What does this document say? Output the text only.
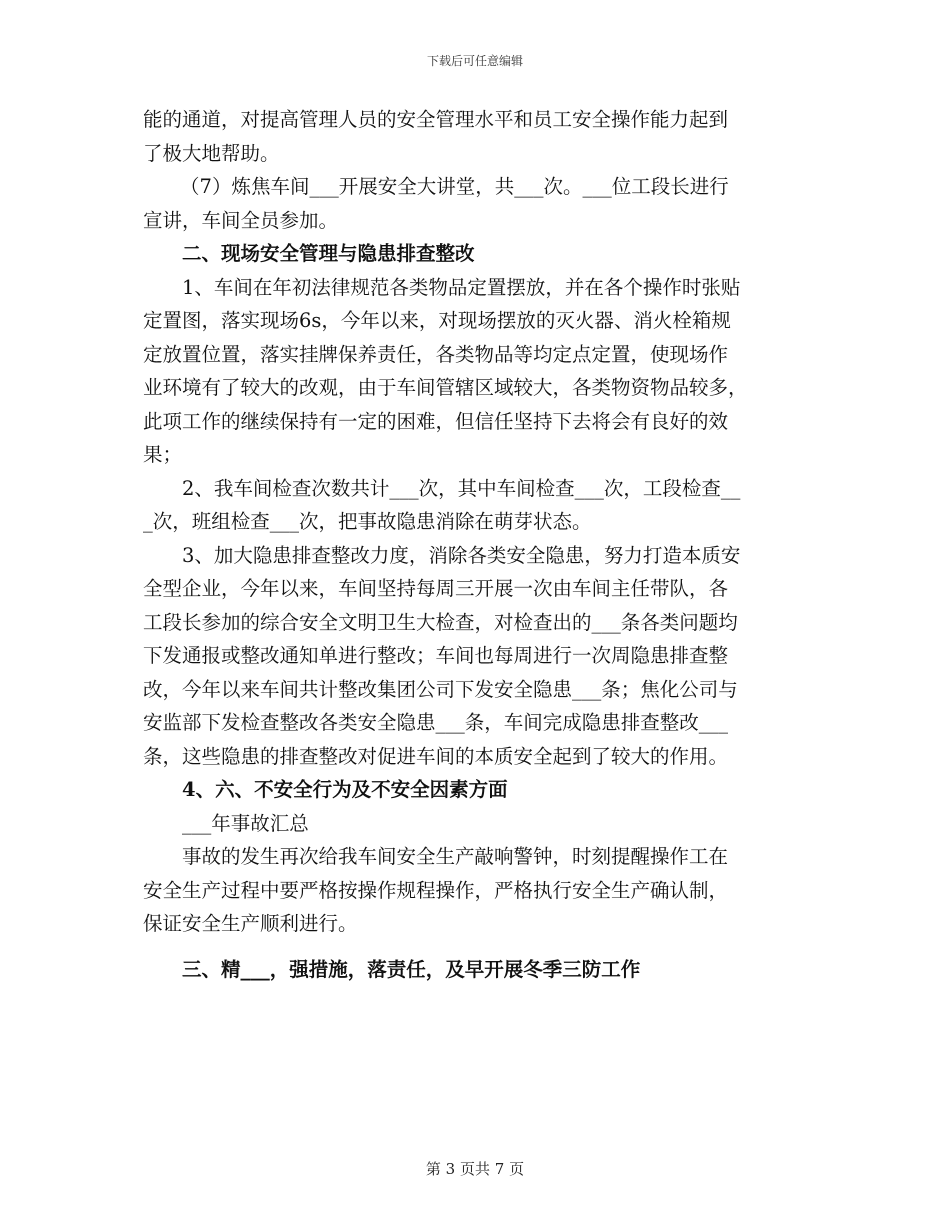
下载后可任意编辑

能的通道，对提高管理人员的安全管理水平和员工安全操作能力起到
了极大地帮助。

（7）炼焦车间___开展安全大讲堂，共___次。___位工段长进行
宣讲，车间全员参加。

二、现场安全管理与隐患排查整改

1、车间在年初法律规范各类物品定置摆放，并在各个操作时张贴
定置图，落实现场6s，今年以来，对现场摆放的灭火器、消火栓箱规
定放置位置，落实挂牌保养责任，各类物品等均定点定置，使现场作
业环境有了较大的改观，由于车间管辖区域较大，各类物资物品较多，
此项工作的继续保持有一定的困难，但信任坚持下去将会有良好的效
果；

2、我车间检查次数共计___次，其中车间检查___次，工段检查__
_次，班组检查___次，把事故隐患消除在萌芽状态。

3、加大隐患排查整改力度，消除各类安全隐患，努力打造本质安
全型企业，今年以来，车间坚持每周三开展一次由车间主任带队，各
工段长参加的综合安全文明卫生大检查，对检查出的___条各类问题均
下发通报或整改通知单进行整改；车间也每周进行一次周隐患排查整
改，今年以来车间共计整改集团公司下发安全隐患___条；焦化公司与
安监部下发检查整改各类安全隐患___条，车间完成隐患排查整改___
条，这些隐患的排查整改对促进车间的本质安全起到了较大的作用。

4、六、不安全行为及不安全因素方面

___年事故汇总

事故的发生再次给我车间安全生产敲响警钟，时刻提醒操作工在
安全生产过程中要严格按操作规程操作，严格执行安全生产确认制，
保证安全生产顺利进行。

三、精___，强措施，落责任，及早开展冬季三防工作

第 3 页共 7 页
